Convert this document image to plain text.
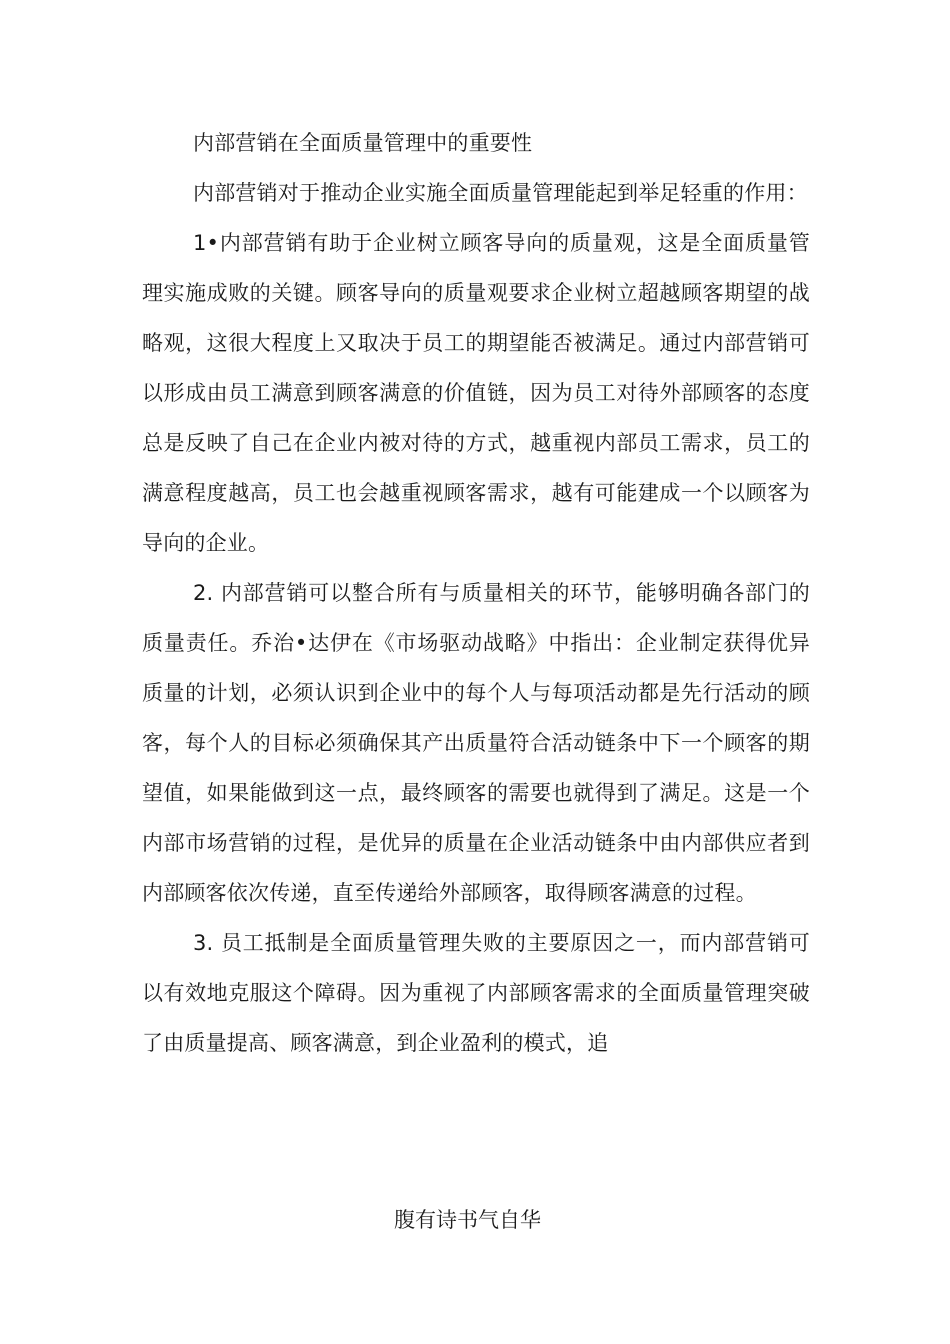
内部营销在全面质量管理中的重要性

内部营销对于推动企业实施全面质量管理能起到举足轻重的作用：

1•内部营销有助于企业树立顾客导向的质量观，这是全面质量管理实施成败的关键。顾客导向的质量观要求企业树立超越顾客期望的战略观，这很大程度上又取决于员工的期望能否被满足。通过内部营销可以形成由员工满意到顾客满意的价值链，因为员工对待外部顾客的态度总是反映了自己在企业内被对待的方式，越重视内部员工需求，员工的满意程度越高，员工也会越重视顾客需求，越有可能建成一个以顾客为导向的企业。

2. 内部营销可以整合所有与质量相关的环节，能够明确各部门的质量责任。乔治•达伊在《市场驱动战略》中指出：企业制定获得优异质量的计划，必须认识到企业中的每个人与每项活动都是先行活动的顾客，每个人的目标必须确保其产出质量符合活动链条中下一个顾客的期望值，如果能做到这一点，最终顾客的需要也就得到了满足。这是一个内部市场营销的过程，是优异的质量在企业活动链条中由内部供应者到内部顾客依次传递，直至传递给外部顾客，取得顾客满意的过程。

3. 员工抵制是全面质量管理失败的主要原因之一，而内部营销可以有效地克服这个障碍。因为重视了内部顾客需求的全面质量管理突破了由质量提高、顾客满意，到企业盈利的模式，追

腹有诗书气自华
